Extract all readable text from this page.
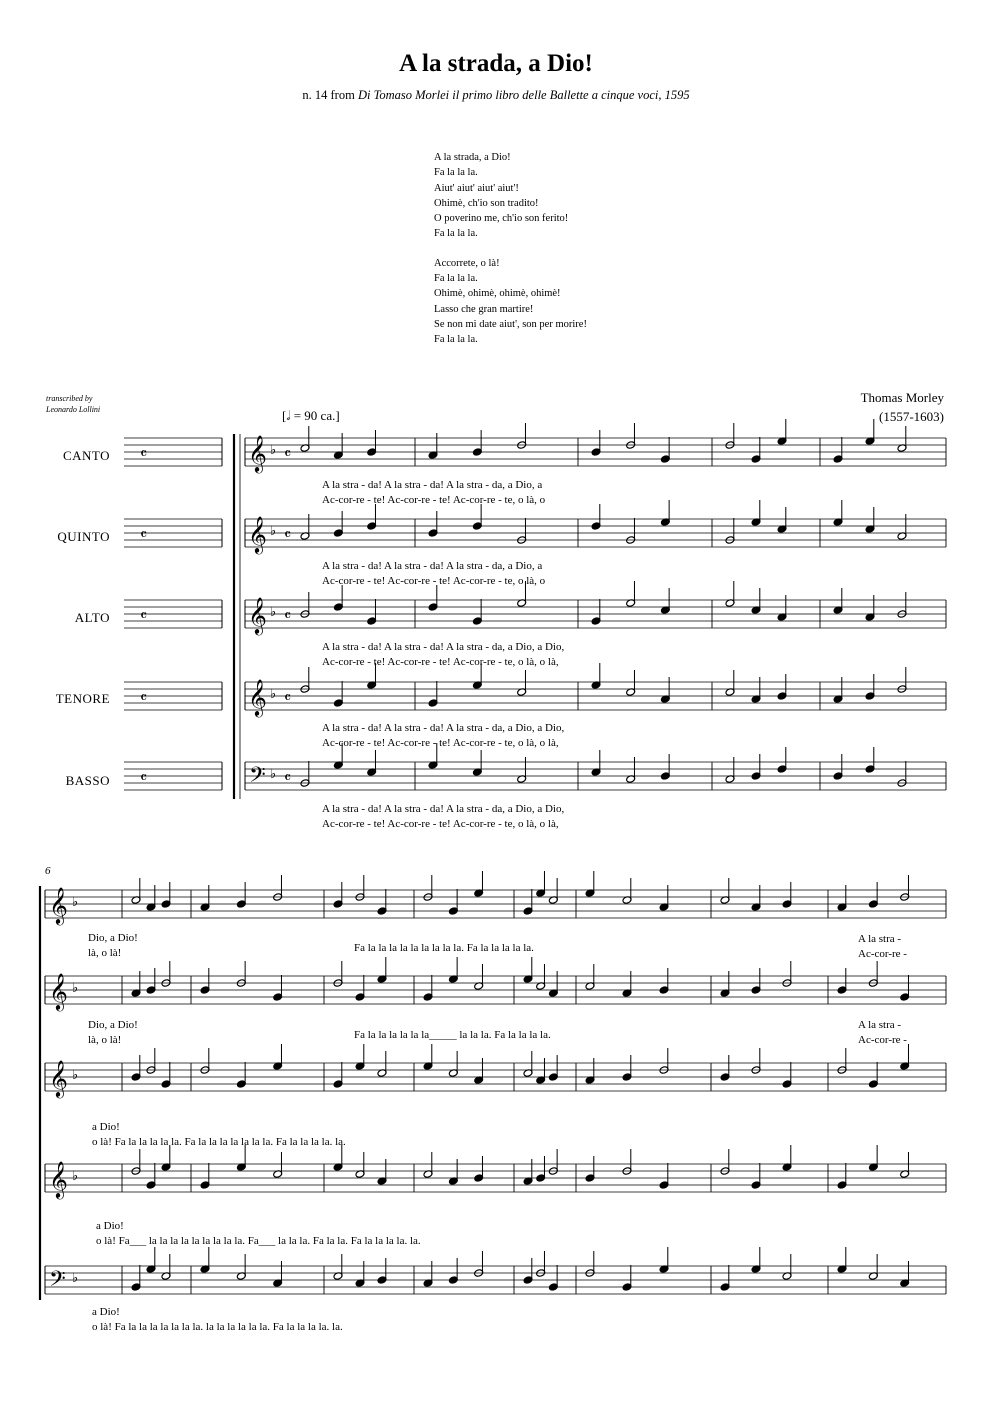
A la strada, a Dio!
n. 14 from Di Tomaso Morlei il primo libro delle Ballette a cinque voci, 1595
A la strada, a Dio!
Fa la la la.
Aiut' aiut' aiut' aiut'!
Ohimè, ch'io son tradito!
O poverino me, ch'io son ferito!
Fa la la la.
Accorrete, o là!
Fa la la la.
Ohimè, ohimè, ohimè, ohimè!
Lasso che gran martire!
Se non mi date aiut', son per morire!
Fa la la la.
Thomas Morley
(1557-1603)
transcribed by
Leonardo Lollini	[𝅗𝅥 = 90 ca.]
CANTO
QUINTO
ALTO
TENORE
BASSO
𝄞 ♭ 𝄴
𝄴
𝄞 ♭ 𝄴
𝄴
𝄞 ♭ 𝄴
𝄴
𝄞 ♭ 𝄴
𝄴
𝄢 ♭ 𝄴
𝄴
𝄞 ♭
𝄞 ♭
𝄞 ♭
𝄞 ♭
𝄢 ♭
A la stra - da! A la stra - da! A la stra - da, a Dio, a
Ac-cor-re - te! Ac-cor-re - te! Ac-cor-re - te, o là, o
A la stra - da! A la stra - da! A la stra - da, a Dio, a
Ac-cor-re - te! Ac-cor-re - te! Ac-cor-re - te, o là, o
A la stra - da! A la stra - da! A la stra - da, a Dio, a Dio,
Ac-cor-re - te! Ac-cor-re - te! Ac-cor-re - te, o là, o là,
A la stra - da! A la stra - da! A la stra - da, a Dio, a Dio,
Ac-cor-re - te! Ac-cor-re - te! Ac-cor-re - te, o là, o là,
A la stra - da! A la stra - da! A la stra - da, a Dio, a Dio,
Ac-cor-re - te! Ac-cor-re - te! Ac-cor-re - te, o là, o là,
6
Dio, a Dio!
là, o là!	Fa la la la la la la la la la. Fa la la la la la.
A la stra -
Ac-cor-re -
Dio, a Dio!
là, o là!	Fa la la la la la la_____ la la la. Fa la la la la.
A la stra -
Ac-cor-re -
a Dio!
o là! Fa la la la la la. Fa la la la la la la la. Fa la la la la. la.
a Dio!
o là! Fa___ la la la la la la la la la. Fa___ la la la. Fa la la. Fa la la la la. la.
a Dio!
o là! Fa la la la la la la la. la la la la la la. Fa la la la la. la.
